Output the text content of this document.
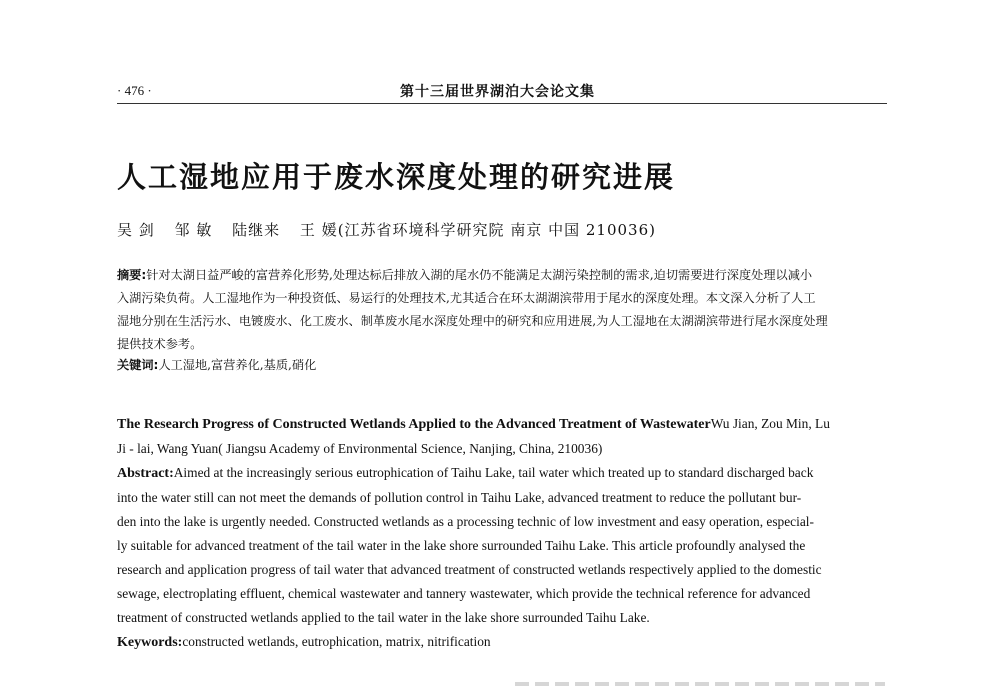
· 476 ·	第十三届世界湖泊大会论文集
人工湿地应用于废水深度处理的研究进展
吴 剑 邹 敏 陆继来 王 媛(江苏省环境科学研究院 南京 中国 210036)
摘要:针对太湖日益严峻的富营养化形势,处理达标后排放入湖的尾水仍不能满足太湖污染控制的需求,迫切需要进行深度处理以减小
入湖污染负荷。人工湿地作为一种投资低、易运行的处理技术,尤其适合在环太湖湖滨带用于尾水的深度处理。本文深入分析了人工
湿地分别在生活污水、电镀废水、化工废水、制革废水尾水深度处理中的研究和应用进展,为人工湿地在太湖湖滨带进行尾水深度处理
提供技术参考。
关键词:人工湿地,富营养化,基质,硝化
The Research Progress of Constructed Wetlands Applied to the Advanced Treatment of WastewaterWu Jian, Zou Min, Lu
Ji - lai, Wang Yuan( Jiangsu Academy of Environmental Science, Nanjing, China, 210036)
Abstract:Aimed at the increasingly serious eutrophication of Taihu Lake, tail water which treated up to standard discharged back
into the water still can not meet the demands of pollution control in Taihu Lake, advanced treatment to reduce the pollutant bur-
den into the lake is urgently needed. Constructed wetlands as a processing technic of low investment and easy operation, especial-
ly suitable for advanced treatment of the tail water in the lake shore surrounded Taihu Lake. This article profoundly analysed the
research and application progress of tail water that advanced treatment of constructed wetlands respectively applied to the domestic
sewage, electroplating effluent, chemical wastewater and tannery wastewater, which provide the technical reference for advanced
treatment of constructed wetlands applied to the tail water in the lake shore surrounded Taihu Lake.
Keywords:constructed wetlands, eutrophication, matrix, nitrification
